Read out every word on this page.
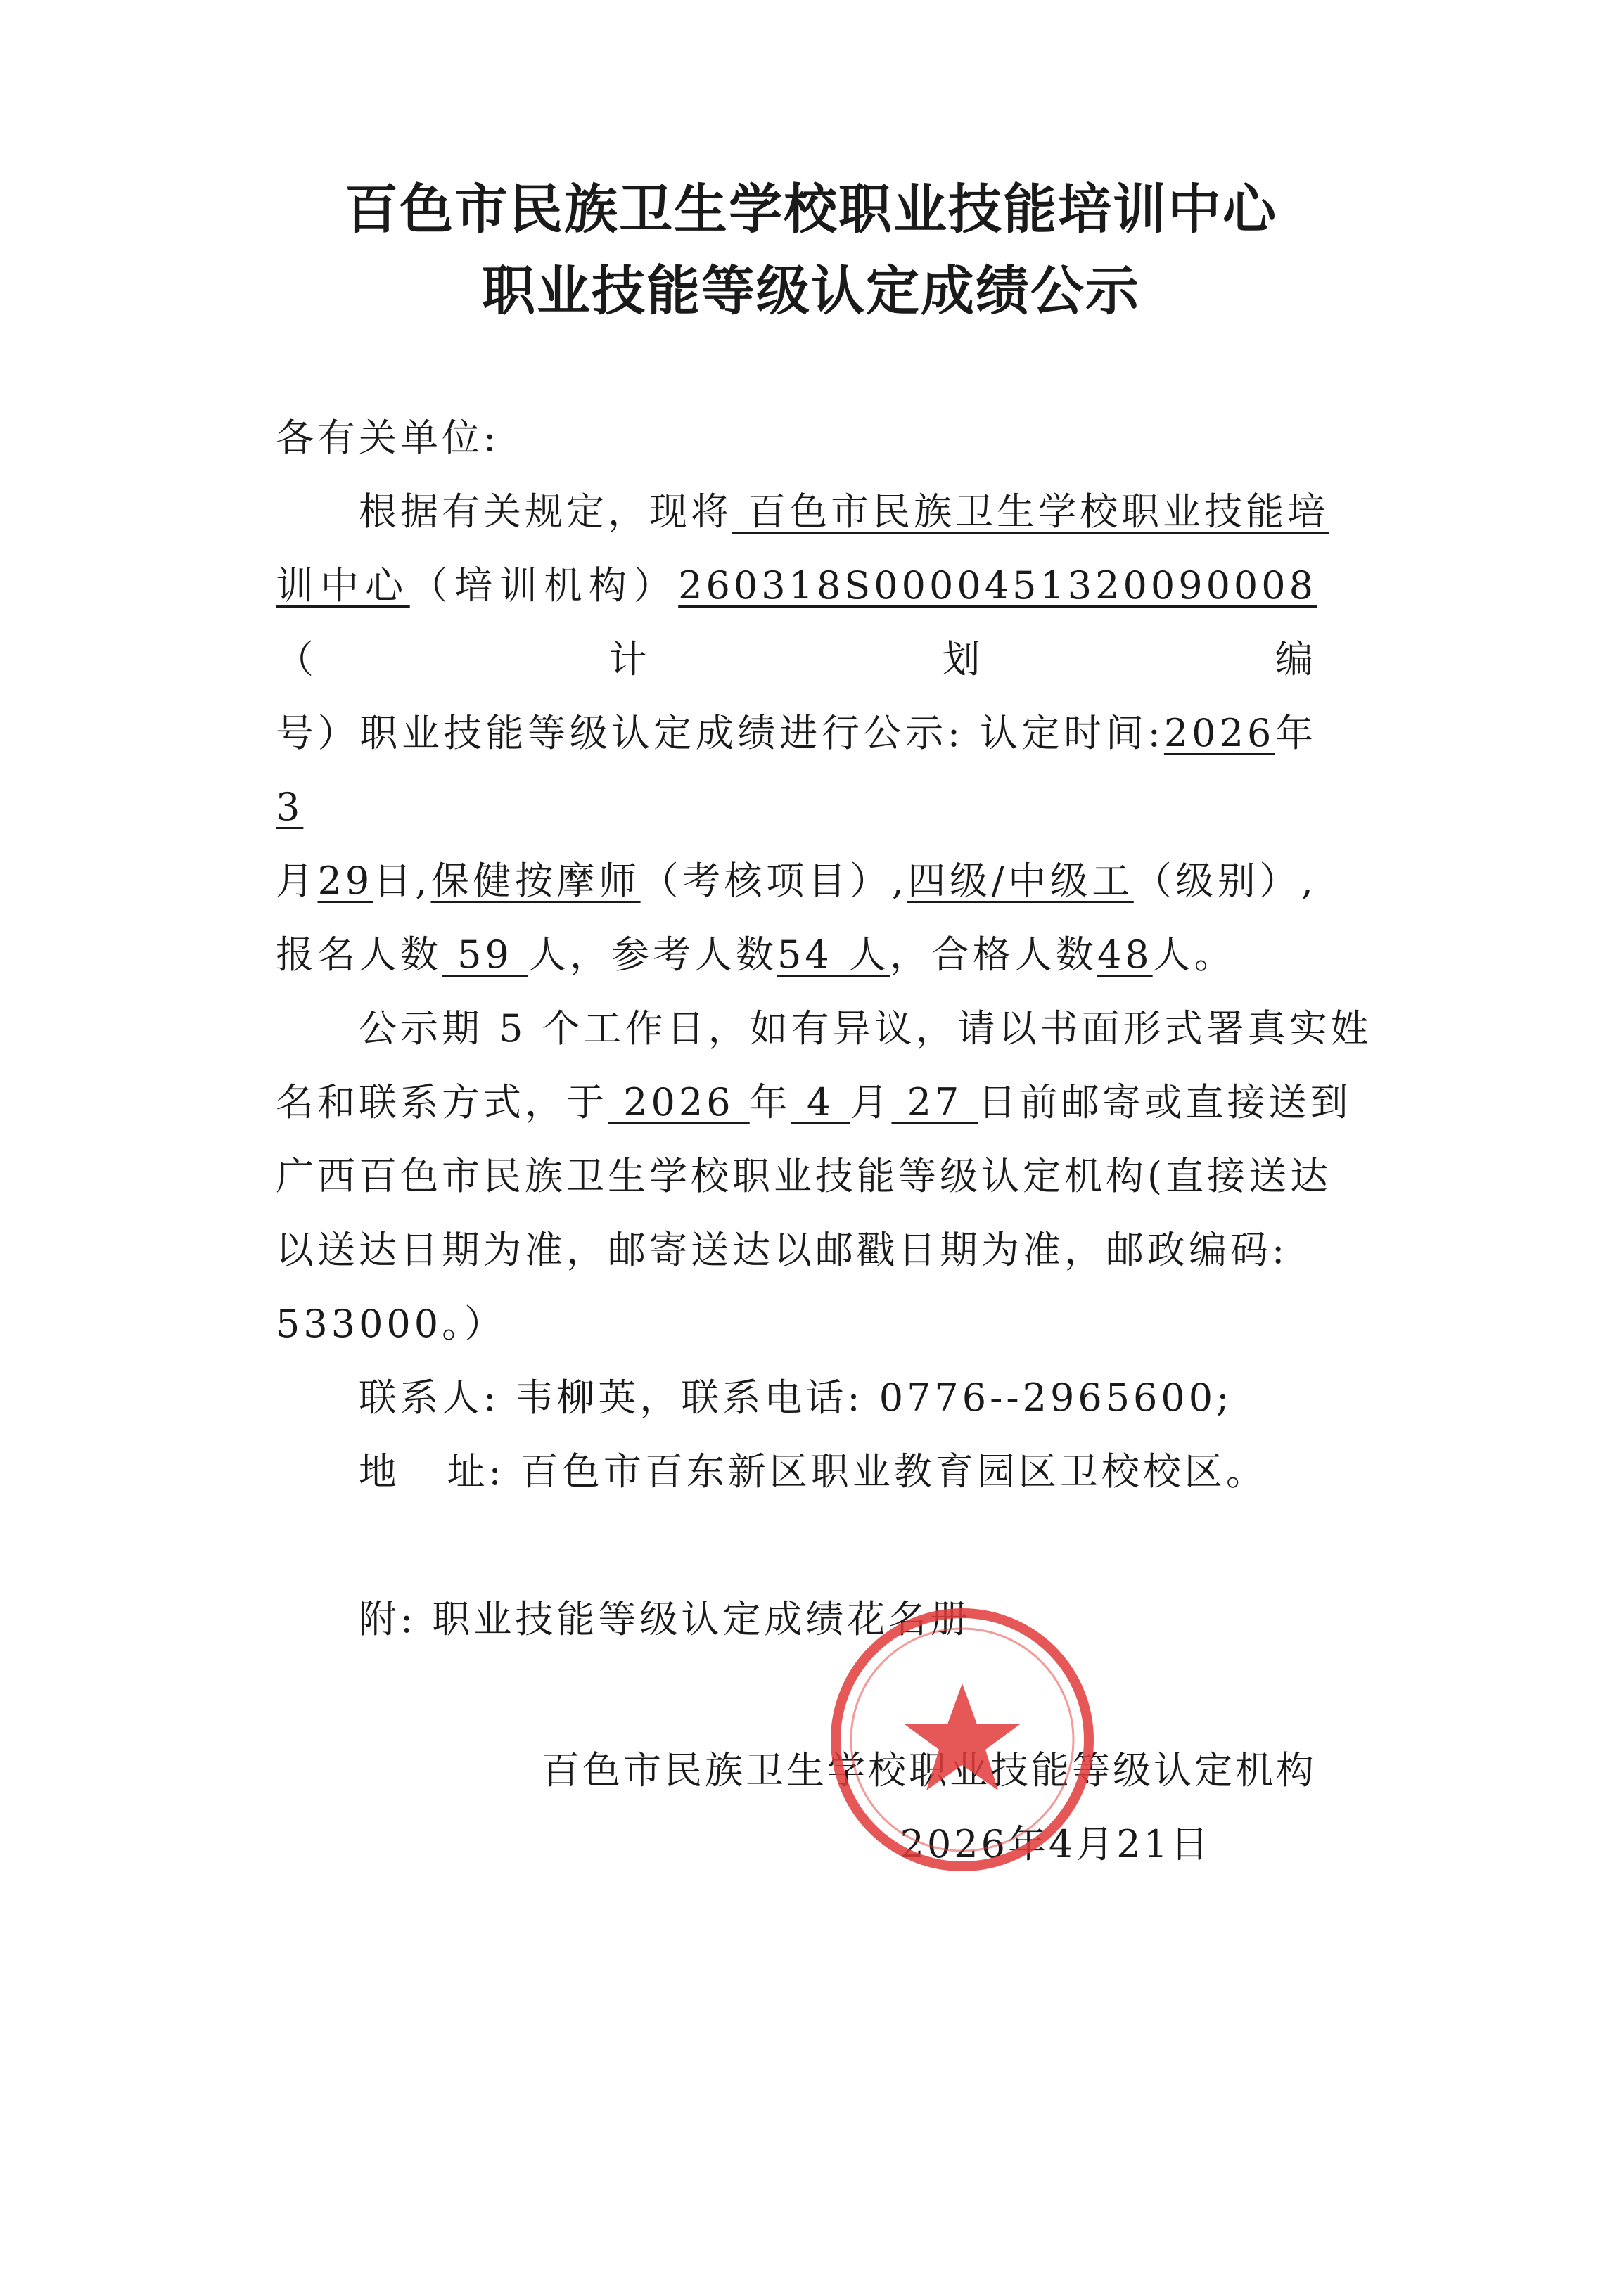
百色市民族卫生学校职业技能培训中心
职业技能等级认定成绩公示
各有关单位:
根据有关规定，现将 百色市民族卫生学校职业技能培
训中心（培训机构）260318S0000451320090008（计划编
号）职业技能等级认定成绩进行公示: 认定时间:2026年3
月29日,保健按摩师（考核项目）,四级/中级工（级别）,
报名人数 59 人，参考人数54 人，合格人数48人。
公示期 5 个工作日，如有异议，请以书面形式署真实姓
名和联系方式，于 2026 年 4 月 27 日前邮寄或直接送到
广西百色市民族卫生学校职业技能等级认定机构(直接送达
以送达日期为准，邮寄送达以邮戳日期为准，邮政编码:
533000。）
联系人: 韦柳英，联系电话: 0776--2965600;
地   址: 百色市百东新区职业教育园区卫校校区。
附: 职业技能等级认定成绩花名册
百色市民族卫生学校职业技能等级认定机构
2026年4月21日
